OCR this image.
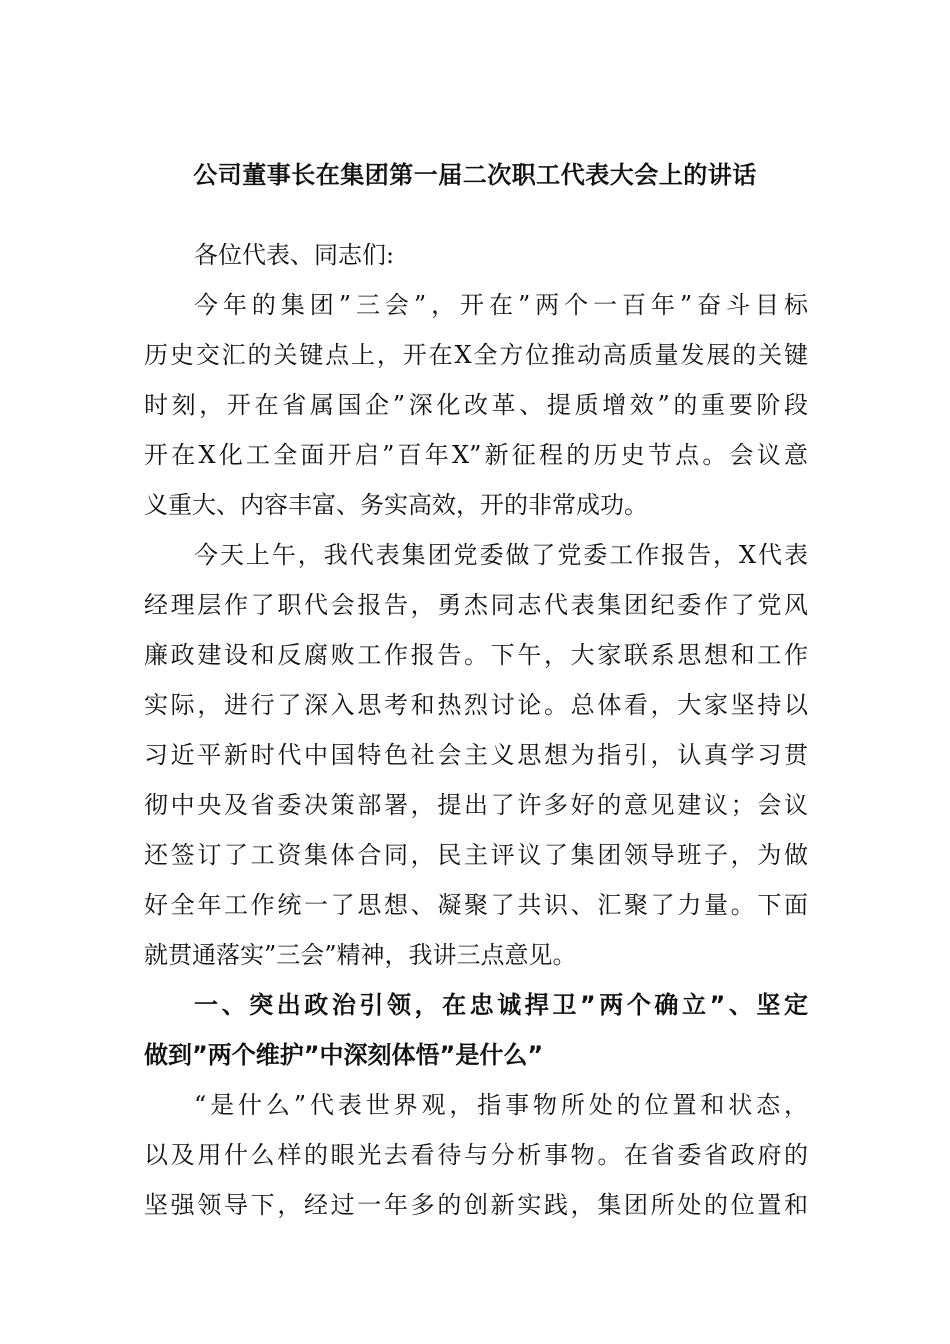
公司董事长在集团第一届二次职工代表大会上的讲话
各位代表、同志们:
今年的集团”三会”，开在”两个一百年”奋斗目标
历史交汇的关键点上，开在X全方位推动高质量发展的关键
时刻，开在省属国企”深化改革、提质增效”的重要阶段
开在X化工全面开启”百年X”新征程的历史节点。会议意
义重大、内容丰富、务实高效，开的非常成功。
今天上午，我代表集团党委做了党委工作报告，X代表
经理层作了职代会报告，勇杰同志代表集团纪委作了党风
廉政建设和反腐败工作报告。下午，大家联系思想和工作
实际，进行了深入思考和热烈讨论。总体看，大家坚持以
习近平新时代中国特色社会主义思想为指引，认真学习贯
彻中央及省委决策部署，提出了许多好的意见建议；会议
还签订了工资集体合同，民主评议了集团领导班子，为做
好全年工作统一了思想、凝聚了共识、汇聚了力量。下面
就贯通落实”三会”精神，我讲三点意见。
一、突出政治引领，在忠诚捍卫”两个确立”、坚定
做到”两个维护”中深刻体悟”是什么”
“是什么”代表世界观，指事物所处的位置和状态，
以及用什么样的眼光去看待与分析事物。在省委省政府的
坚强领导下，经过一年多的创新实践，集团所处的位置和
